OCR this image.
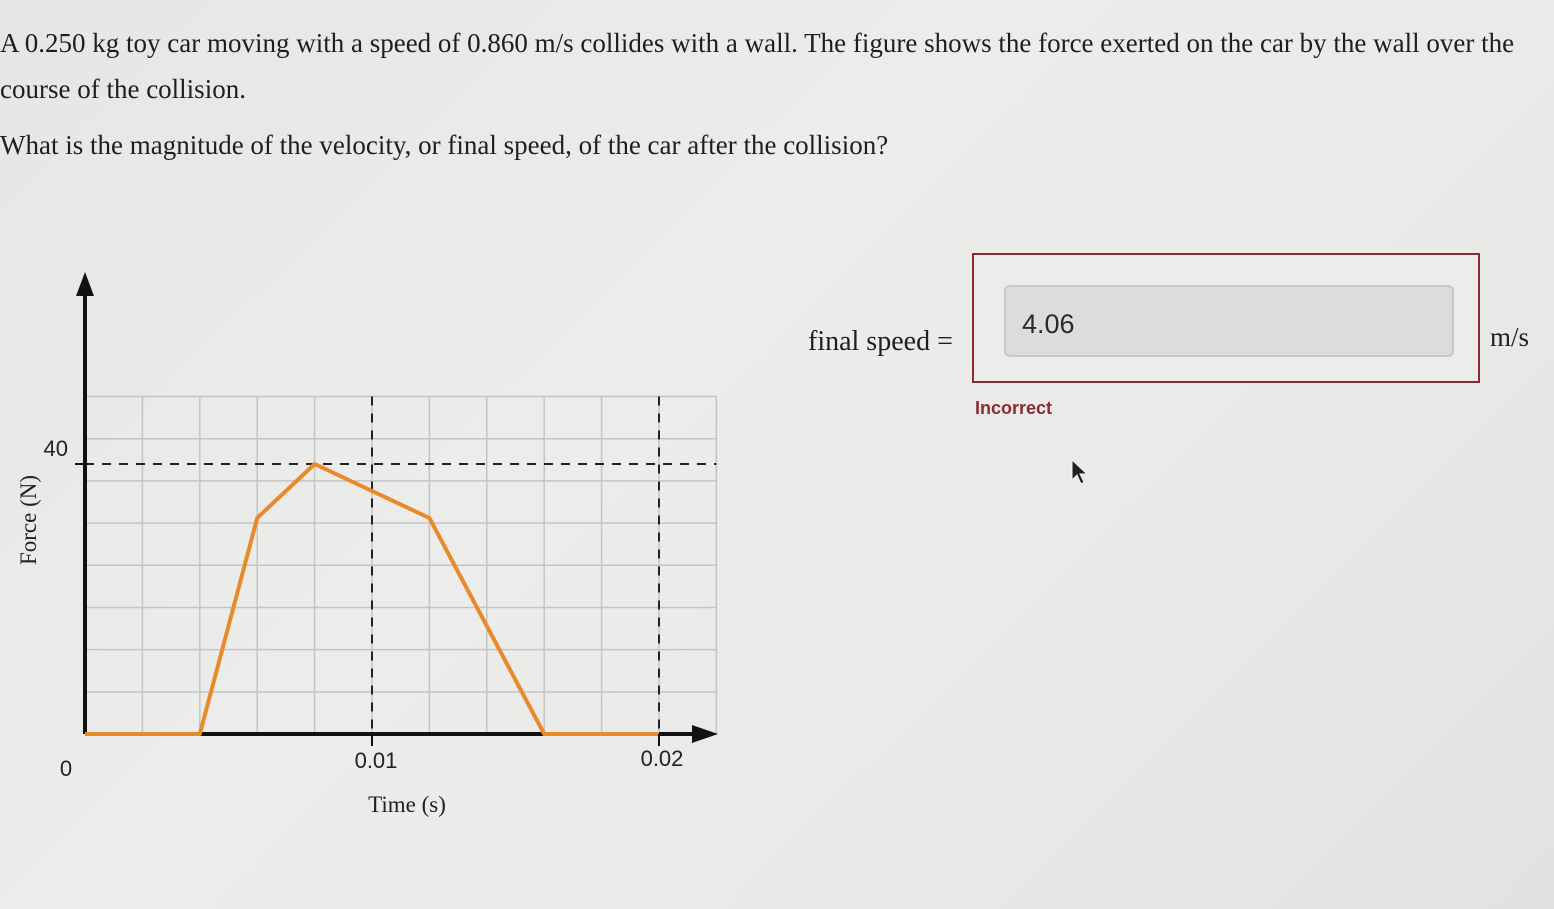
A 0.250 kg toy car moving with a speed of 0.860 m/s collides with a wall. The figure shows the force exerted on the car by the wall over the course of the collision.

What is the magnitude of the velocity, or final speed, of the car after the collision?

40
0	0.01	0.02
Time (s)
Force (N)
final speed =
4.06	m/s
Incorrect
